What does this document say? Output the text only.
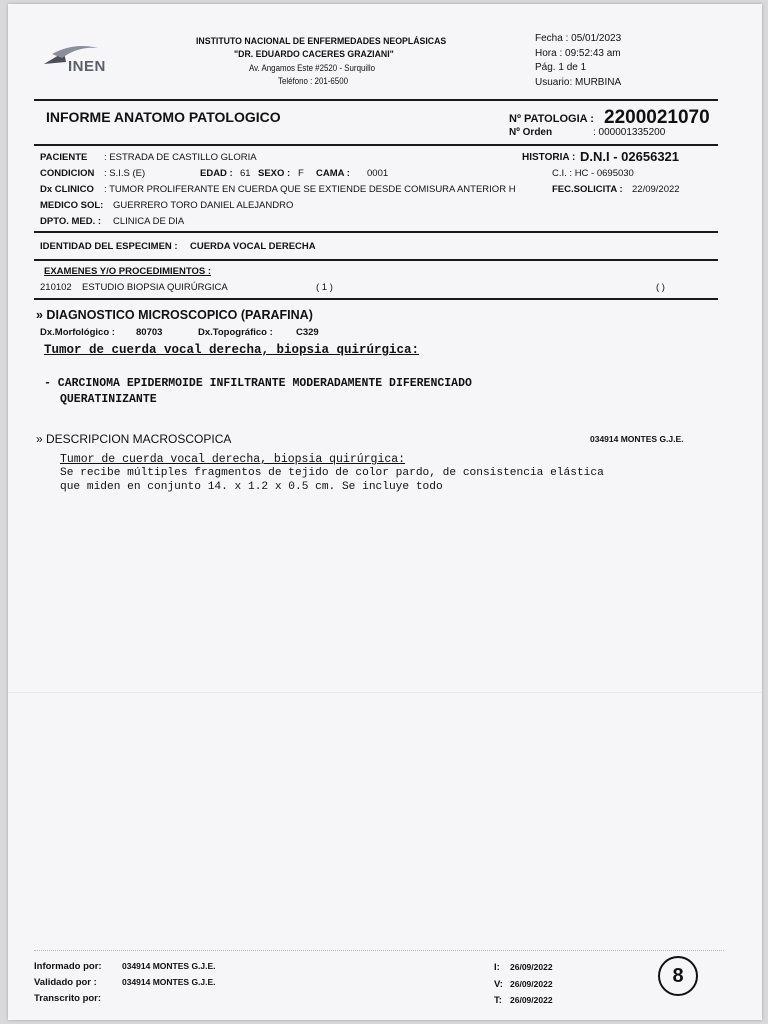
INEN
INSTITUTO NACIONAL DE ENFERMEDADES NEOPLÁSICAS
"DR. EDUARDO CACERES GRAZIANI"
Av. Angamos Este #2520 - Surquillo
Teléfono : 201-6500
Fecha : 05/01/2023
Hora : 09:52:43 am
Pág. 1 de 1
Usuario: MURBINA
INFORME ANATOMO PATOLOGICO	Nº PATOLOGIA : 2200021070
Nº Orden	: 000001335200
PACIENTE : ESTRADA DE CASTILLO GLORIA	HISTORIA : D.N.I - 02656321
CONDICION : S.I.S (E)	EDAD : 61 SEXO : F CAMA : 0001	C.I. : HC - 0695030
Dx CLINICO : TUMOR PROLIFERANTE EN CUERDA QUE SE EXTIENDE DESDE COMISURA ANTERIOR H	FEC.SOLICITA : 22/09/2022
MEDICO SOL: GUERRERO TORO DANIEL ALEJANDRO
DPTO. MED. : CLINICA DE DIA
IDENTIDAD DEL ESPECIMEN : CUERDA VOCAL DERECHA
EXAMENES Y/O PROCEDIMIENTOS :
210102 ESTUDIO BIOPSIA QUIRÚRGICA	( 1 )	( )
» DIAGNOSTICO MICROSCOPICO (PARAFINA)
Dx.Morfológico : 80703	Dx.Topográfico : C329
Tumor de cuerda vocal derecha, biopsia quirúrgica:
- CARCINOMA EPIDERMOIDE INFILTRANTE MODERADAMENTE DIFERENCIADO
QUERATINIZANTE
» DESCRIPCION MACROSCOPICA	034914 MONTES G.J.E.
Tumor de cuerda vocal derecha, biopsia quirúrgica:
Se recibe múltiples fragmentos de tejido de color pardo, de consistencia elástica
que miden en conjunto 14. x 1.2 x 0.5 cm. Se incluye todo
Informado por: 034914 MONTES G.J.E.
Validado por :	034914 MONTES G.J.E.
Transcrito por:
I: 26/09/2022
V: 26/09/2022
T: 26/09/2022
8
